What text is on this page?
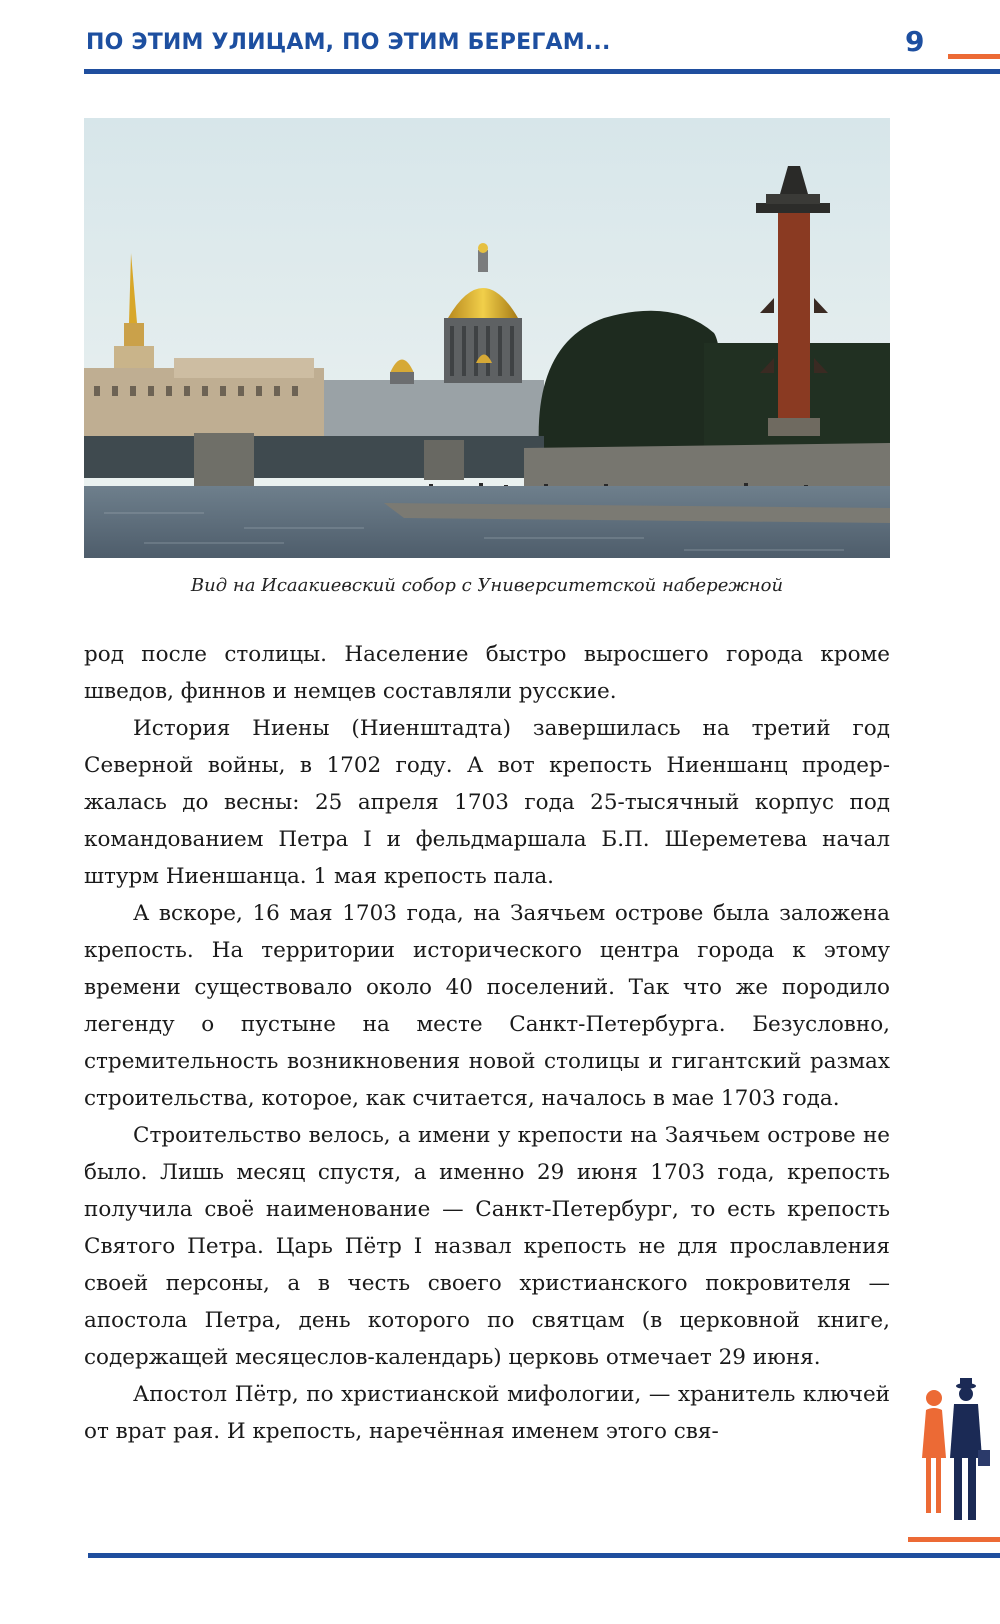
ПО ЭТИМ УЛИЦАМ, ПО ЭТИМ БЕРЕГАМ...	9
Вид на Исаакиевский собор с Университетской набережной

род после столицы. Население быстро выросшего города кроме шведов, финнов и немцев составляли русские.

История Ниены (Ниенштадта) завершилась на третий год Северной войны, в 1702 году. А вот крепость Ниеншанц продержалась до весны: 25 апреля 1703 года 25-тысячный корпус под командованием Петра I и фельдмаршала Б.П. Шереметева начал штурм Ниеншанца. 1 мая крепость пала.

А вскоре, 16 мая 1703 года, на Заячьем острове была заложена крепость. На территории исторического центра города к этому времени существовало около 40 поселений. Так что же породило легенду о пустыне на месте Санкт-Петербурга. Безусловно, стремительность возникновения новой столицы и гигантский размах строительства, которое, как считается, началось в мае 1703 года.

Строительство велось, а имени у крепости на Заячьем острове не было. Лишь месяц спустя, а именно 29 июня 1703 года, крепость получила своё наименование — Санкт-Петербург, то есть крепость Святого Петра. Царь Пётр I назвал крепость не для прославления своей персоны, а в честь своего христианского покровителя — апостола Петра, день которого по святцам (в церковной книге, содержащей месяцеслов-календарь) церковь отмечает 29 июня.

Апостол Пётр, по христианской мифологии, — хранитель ключей от врат рая. И крепость, наречённая именем этого свя-
